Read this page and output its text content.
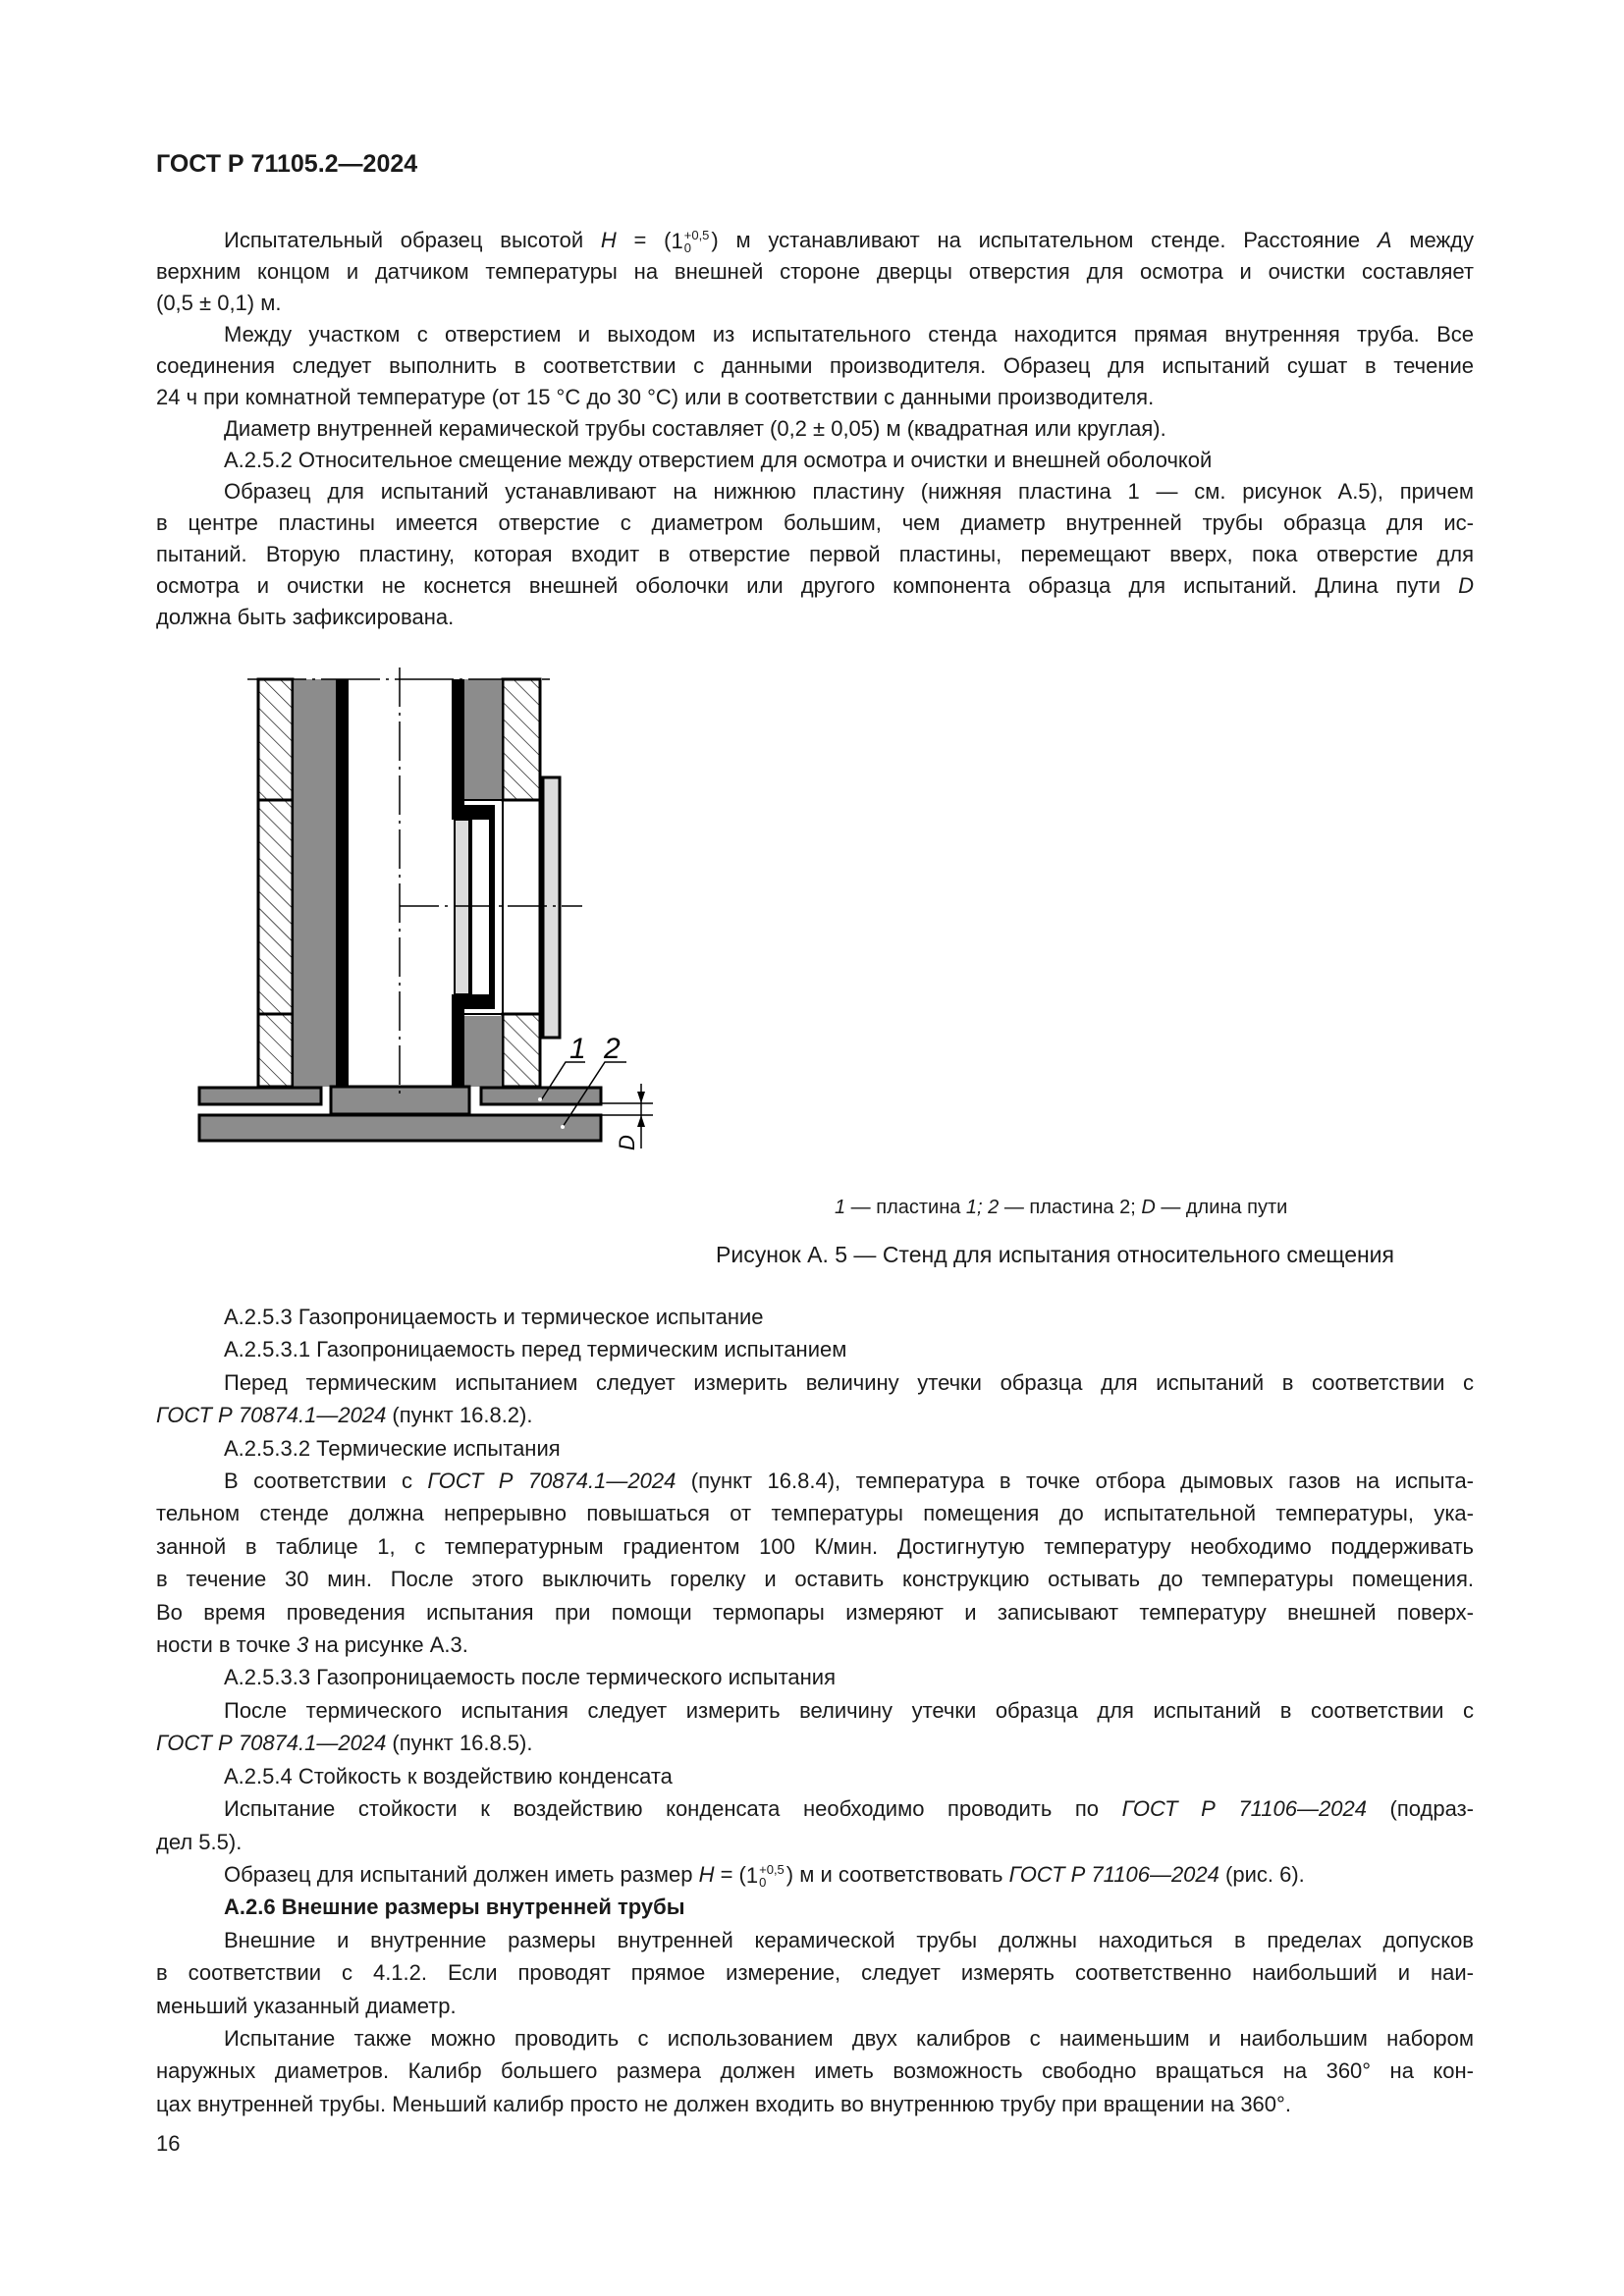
ГОСТ Р 71105.2—2024
Испытательный образец высотой H = ( 1 +0,5
0 ) м устанавливают на испытательном стенде. Расстояние A между
верхним концом и датчиком температуры на внешней стороне дверцы отверстия для осмотра и очистки составляет
(0,5 ± 0,1) м.
Между участком с отверстием и выходом из испытательного стенда находится прямая внутренняя труба. Все
соединения следует выполнить в соответствии с данными производителя. Образец для испытаний сушат в течение
24 ч при комнатной температуре (от 15 °C до 30 °C) или в соответствии с данными производителя.
Диаметр внутренней керамической трубы составляет (0,2 ± 0,05) м (квадратная или круглая).
А.2.5.2 Относительное смещение между отверстием для осмотра и очистки и внешней оболочкой
Образец для испытаний устанавливают на нижнюю пластину (нижняя пластина 1 — см. рисунок А.5), причем
в центре пластины имеется отверстие с диаметром большим, чем диаметр внутренней трубы образца для ис-
пытаний. Вторую пластину, которая входит в отверстие первой пластины, перемещают вверх, пока отверстие для
осмотра и очистки не коснется внешней оболочки или другого компонента образца для испытаний. Длина пути D
должна быть зафиксирована.
1 2
D
1 — пластина 1; 2 — пластина 2; D — длина пути
Рисунок А. 5 — Стенд для испытания относительного смещения
А.2.5.3 Газопроницаемость и термическое испытание
А.2.5.3.1 Газопроницаемость перед термическим испытанием
Перед термическим испытанием следует измерить величину утечки образца для испытаний в соответствии с
ГОСТ Р 70874.1—2024 (пункт 16.8.2).
А.2.5.3.2 Термические испытания
В соответствии с ГОСТ Р 70874.1—2024 (пункт 16.8.4), температура в точке отбора дымовых газов на испыта-
тельном стенде должна непрерывно повышаться от температуры помещения до испытательной температуры, ука-
занной в таблице 1, с температурным градиентом 100 К/мин. Достигнутую температуру необходимо поддерживать
в течение 30 мин. После этого выключить горелку и оставить конструкцию остывать до температуры помещения.
Во время проведения испытания при помощи термопары измеряют и записывают температуру внешней поверх-
ности в точке 3 на рисунке А.3.
А.2.5.3.3 Газопроницаемость после термического испытания
После термического испытания следует измерить величину утечки образца для испытаний в соответствии с
ГОСТ Р 70874.1—2024 (пункт 16.8.5).
А.2.5.4 Стойкость к воздействию конденсата
Испытание стойкости к воздействию конденсата необходимо проводить по ГОСТ Р 71106—2024 (подраз-
дел 5.5).
Образец для испытаний должен иметь размер H = ( 1 +0,5
0 ) м и соответствовать ГОСТ Р 71106—2024 (рис. 6).
А.2.6 Внешние размеры внутренней трубы
Внешние и внутренние размеры внутренней керамической трубы должны находиться в пределах допусков
в соответствии с 4.1.2. Если проводят прямое измерение, следует измерять соответственно наибольший и наи-
меньший указанный диаметр.
Испытание также можно проводить с использованием двух калибров с наименьшим и наибольшим набором
наружных диаметров. Калибр большего размера должен иметь возможность свободно вращаться на 360° на кон-
цах внутренней трубы. Меньший калибр просто не должен входить во внутреннюю трубу при вращении на 360°.
16
